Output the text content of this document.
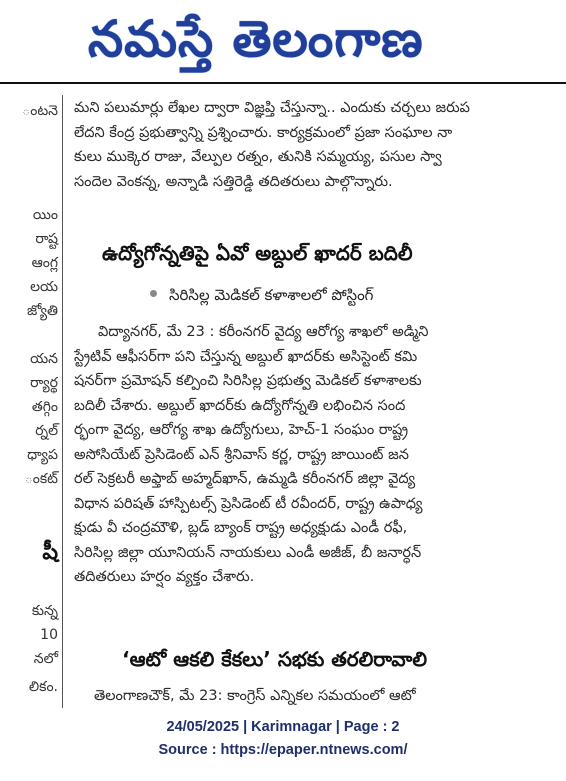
నమస్తే తెలంగాణ
ంటనె
యిం
రాష్ట
ఆంగ్ల
లయ
జ్యోతి
యన
ర్యార్థ
తగ్గిం
ర్నల్
ధ్యాప
ంకట్
షీ
కున్న
10
నలో
లికం.
మని పలుమార్లు లేఖల ద్వారా విజ్ఞప్తి చేస్తున్నా.. ఎందుకు చర్చలు జరుప
లేదని కేంద్ర ప్రభుత్వాన్ని ప్రశ్నించారు. కార్యక్రమంలో ప్రజా సంఘాల నా
కులు ముక్కెర రాజు, వేల్పుల రత్నం, తునికి సమ్మయ్య, పసుల స్వా
సందెల వెంకన్న, అన్నాడి సత్తిరెడ్డి తదితరులు పాల్గొన్నారు.
ఉద్యోగోన్నతిపై ఏవో అబ్దుల్ ఖాదర్ బదిలీ
సిరిసిల్ల మెడికల్ కళాశాలలో పోస్టింగ్
విద్యానగర్, మే 23 : కరీంనగర్ వైద్య ఆరోగ్య శాఖలో అడ్మిని
స్ట్రేటివ్ ఆఫీసర్‌గా పని చేస్తున్న అబ్దుల్ ఖాదర్‌కు అసిస్టెంట్ కమి
షనర్‌గా ప్రమోషన్ కల్పించి సిరిసిల్ల ప్రభుత్వ మెడికల్ కళాశాలకు
బదిలీ చేశారు. అబ్దుల్ ఖాదర్‌కు ఉద్యోగోన్నతి లభించిన సంద
ర్భంగా వైద్య, ఆరోగ్య శాఖ ఉద్యోగులు, హెచ్-1 సంఘం రాష్ట్ర
అసోసియేట్ ప్రెసిడెంట్ ఎన్ శ్రీనివాస్ కర్ణ, రాష్ట్ర జాయింట్ జన
రల్ సెక్రటరీ అఫ్తాబ్ అహ్మద్‌ఖాన్, ఉమ్మడి కరీంనగర్ జిల్లా వైద్య
విధాన పరిషత్ హాస్పిటల్స్ ప్రెసిడెంట్ టీ రవీందర్, రాష్ట్ర ఉపాధ్య
క్షుడు వీ చంద్రమౌళి, బ్లడ్ బ్యాంక్ రాష్ట్ర అధ్యక్షుడు ఎండీ రఫీ,
సిరిసిల్ల జిల్లా యూనియన్ నాయకులు ఎండీ అజీజ్, బీ జనార్ధన్
తదితరులు హర్షం వ్యక్తం చేశారు.
‘ఆటో ఆకలి కేకలు’ సభకు తరలిరావాలి
తెలంగాణచౌక్, మే 23: కాంగ్రెస్ ఎన్నికల సమయంలో ఆటో
24/05/2025 | Karimnagar | Page : 2
Source : https://epaper.ntnews.com/
